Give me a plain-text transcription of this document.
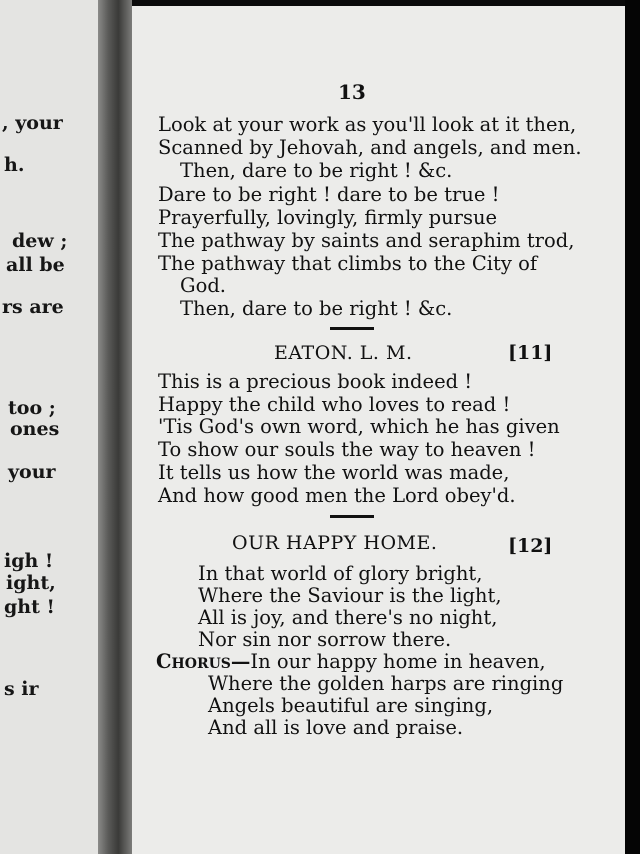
, your
h.
dew ;
all be
rs are
too ;
ones
your
igh !
ight,
ght !
s ir
13
Look at your work as you'll look at it then,
Scanned by Jehovah, and angels, and men.
Then, dare to be right ! &c.
Dare to be right ! dare to be true !
Prayerfully, lovingly, firmly pursue
The pathway by saints and seraphim trod,
The pathway that climbs to the City of
God.
Then, dare to be right ! &c.
EATON. L. M.	[11]
This is a precious book indeed !
Happy the child who loves to read !
'Tis God's own word, which he has given
To show our souls the way to heaven !
It tells us how the world was made,
And how good men the Lord obey'd.
OUR HAPPY HOME.	[12]
In that world of glory bright,
Where the Saviour is the light,
All is joy, and there's no night,
Nor sin nor sorrow there.
Chorus—In our happy home in heaven,
Where the golden harps are ringing
Angels beautiful are singing,
And all is love and praise.
